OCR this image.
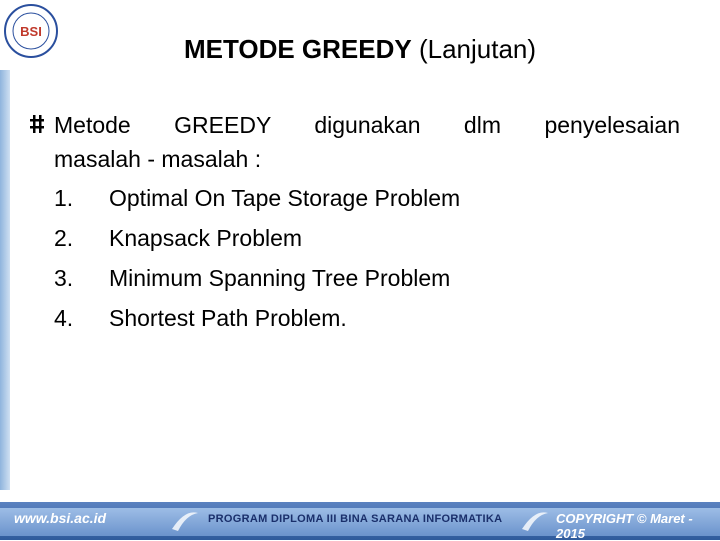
BSI
METODE GREEDY (Lanjutan)
Metode GREEDY digunakan dlm penyelesaian
masalah - masalah :
1.	Optimal On Tape Storage Problem
2.	Knapsack Problem
3.	Minimum Spanning Tree Problem
4.	Shortest Path Problem.
www.bsi.ac.id	PROGRAM DIPLOMA III BINA SARANA INFORMATIKA	COPYRIGHT © Maret - 2015
